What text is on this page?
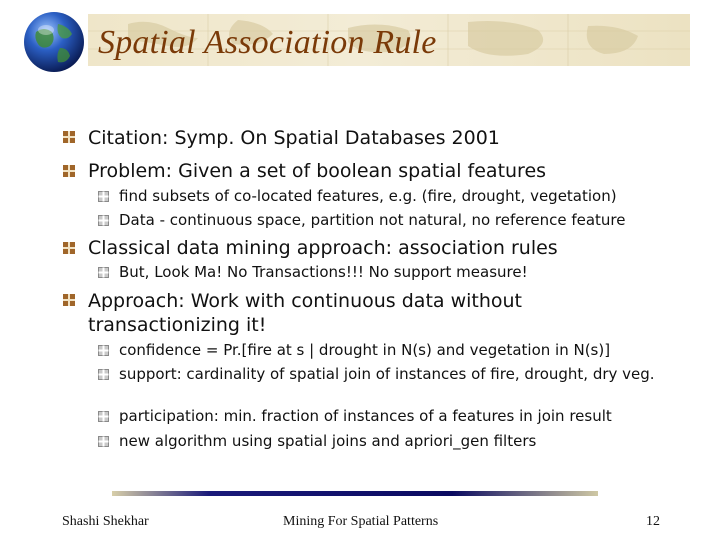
Spatial Association Rule
Citation: Symp. On Spatial Databases 2001
Problem: Given a set of boolean spatial features
find subsets of co-located features, e.g. (fire, drought, vegetation)
Data - continuous space, partition not natural, no reference feature
Classical data mining approach: association rules
But, Look Ma! No Transactions!!! No support measure!
Approach: Work with continuous data without transactionizing it!
confidence = Pr.[fire at s | drought in N(s) and vegetation in N(s)]
support: cardinality of spatial join of instances of fire, drought, dry veg.
participation: min. fraction of instances of a features in join result
new algorithm using spatial joins and apriori_gen filters
Shashi Shekhar	Mining For Spatial Patterns	12
